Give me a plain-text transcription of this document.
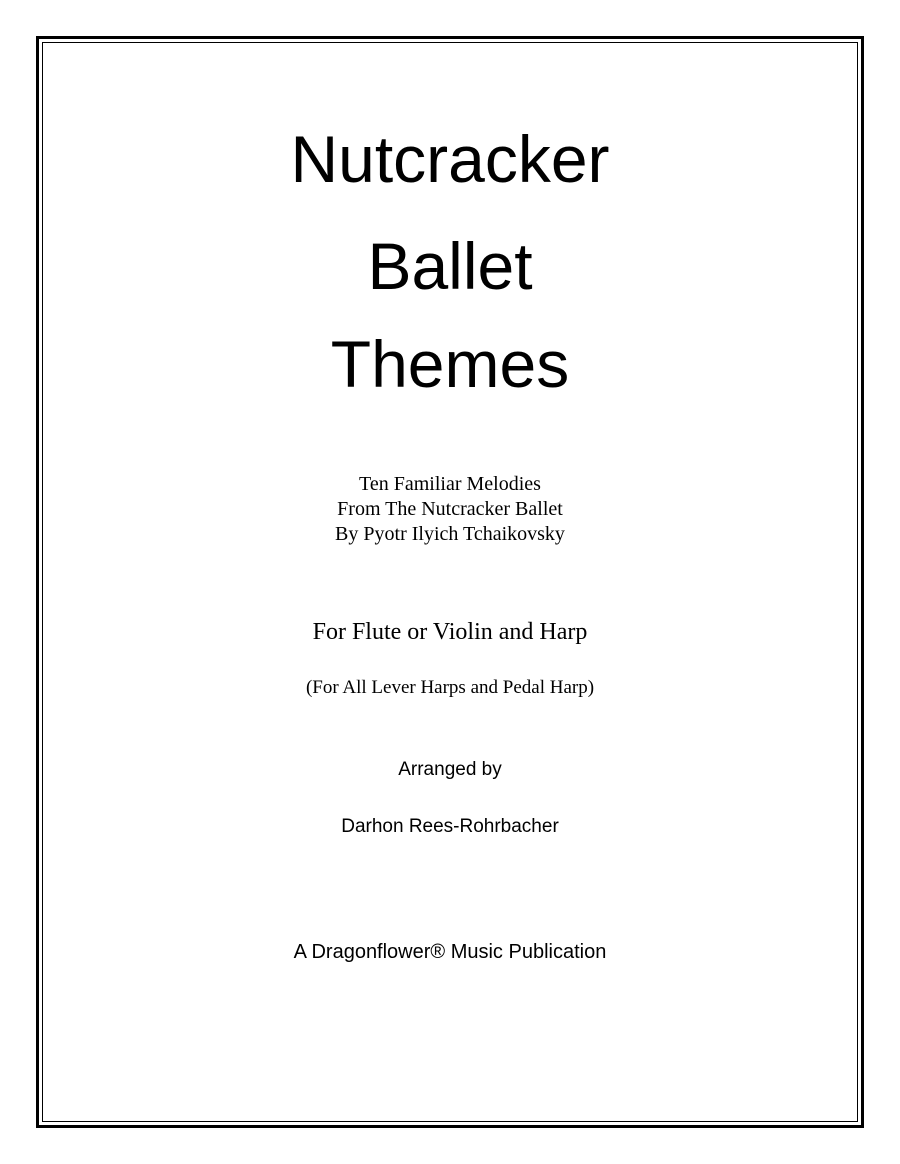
Nutcracker
Ballet
Themes
Ten Familiar Melodies
From The Nutcracker Ballet
By Pyotr Ilyich Tchaikovsky
For Flute or Violin and Harp
(For All Lever Harps and Pedal Harp)
Arranged by
Darhon Rees-Rohrbacher
A Dragonflower® Music Publication
